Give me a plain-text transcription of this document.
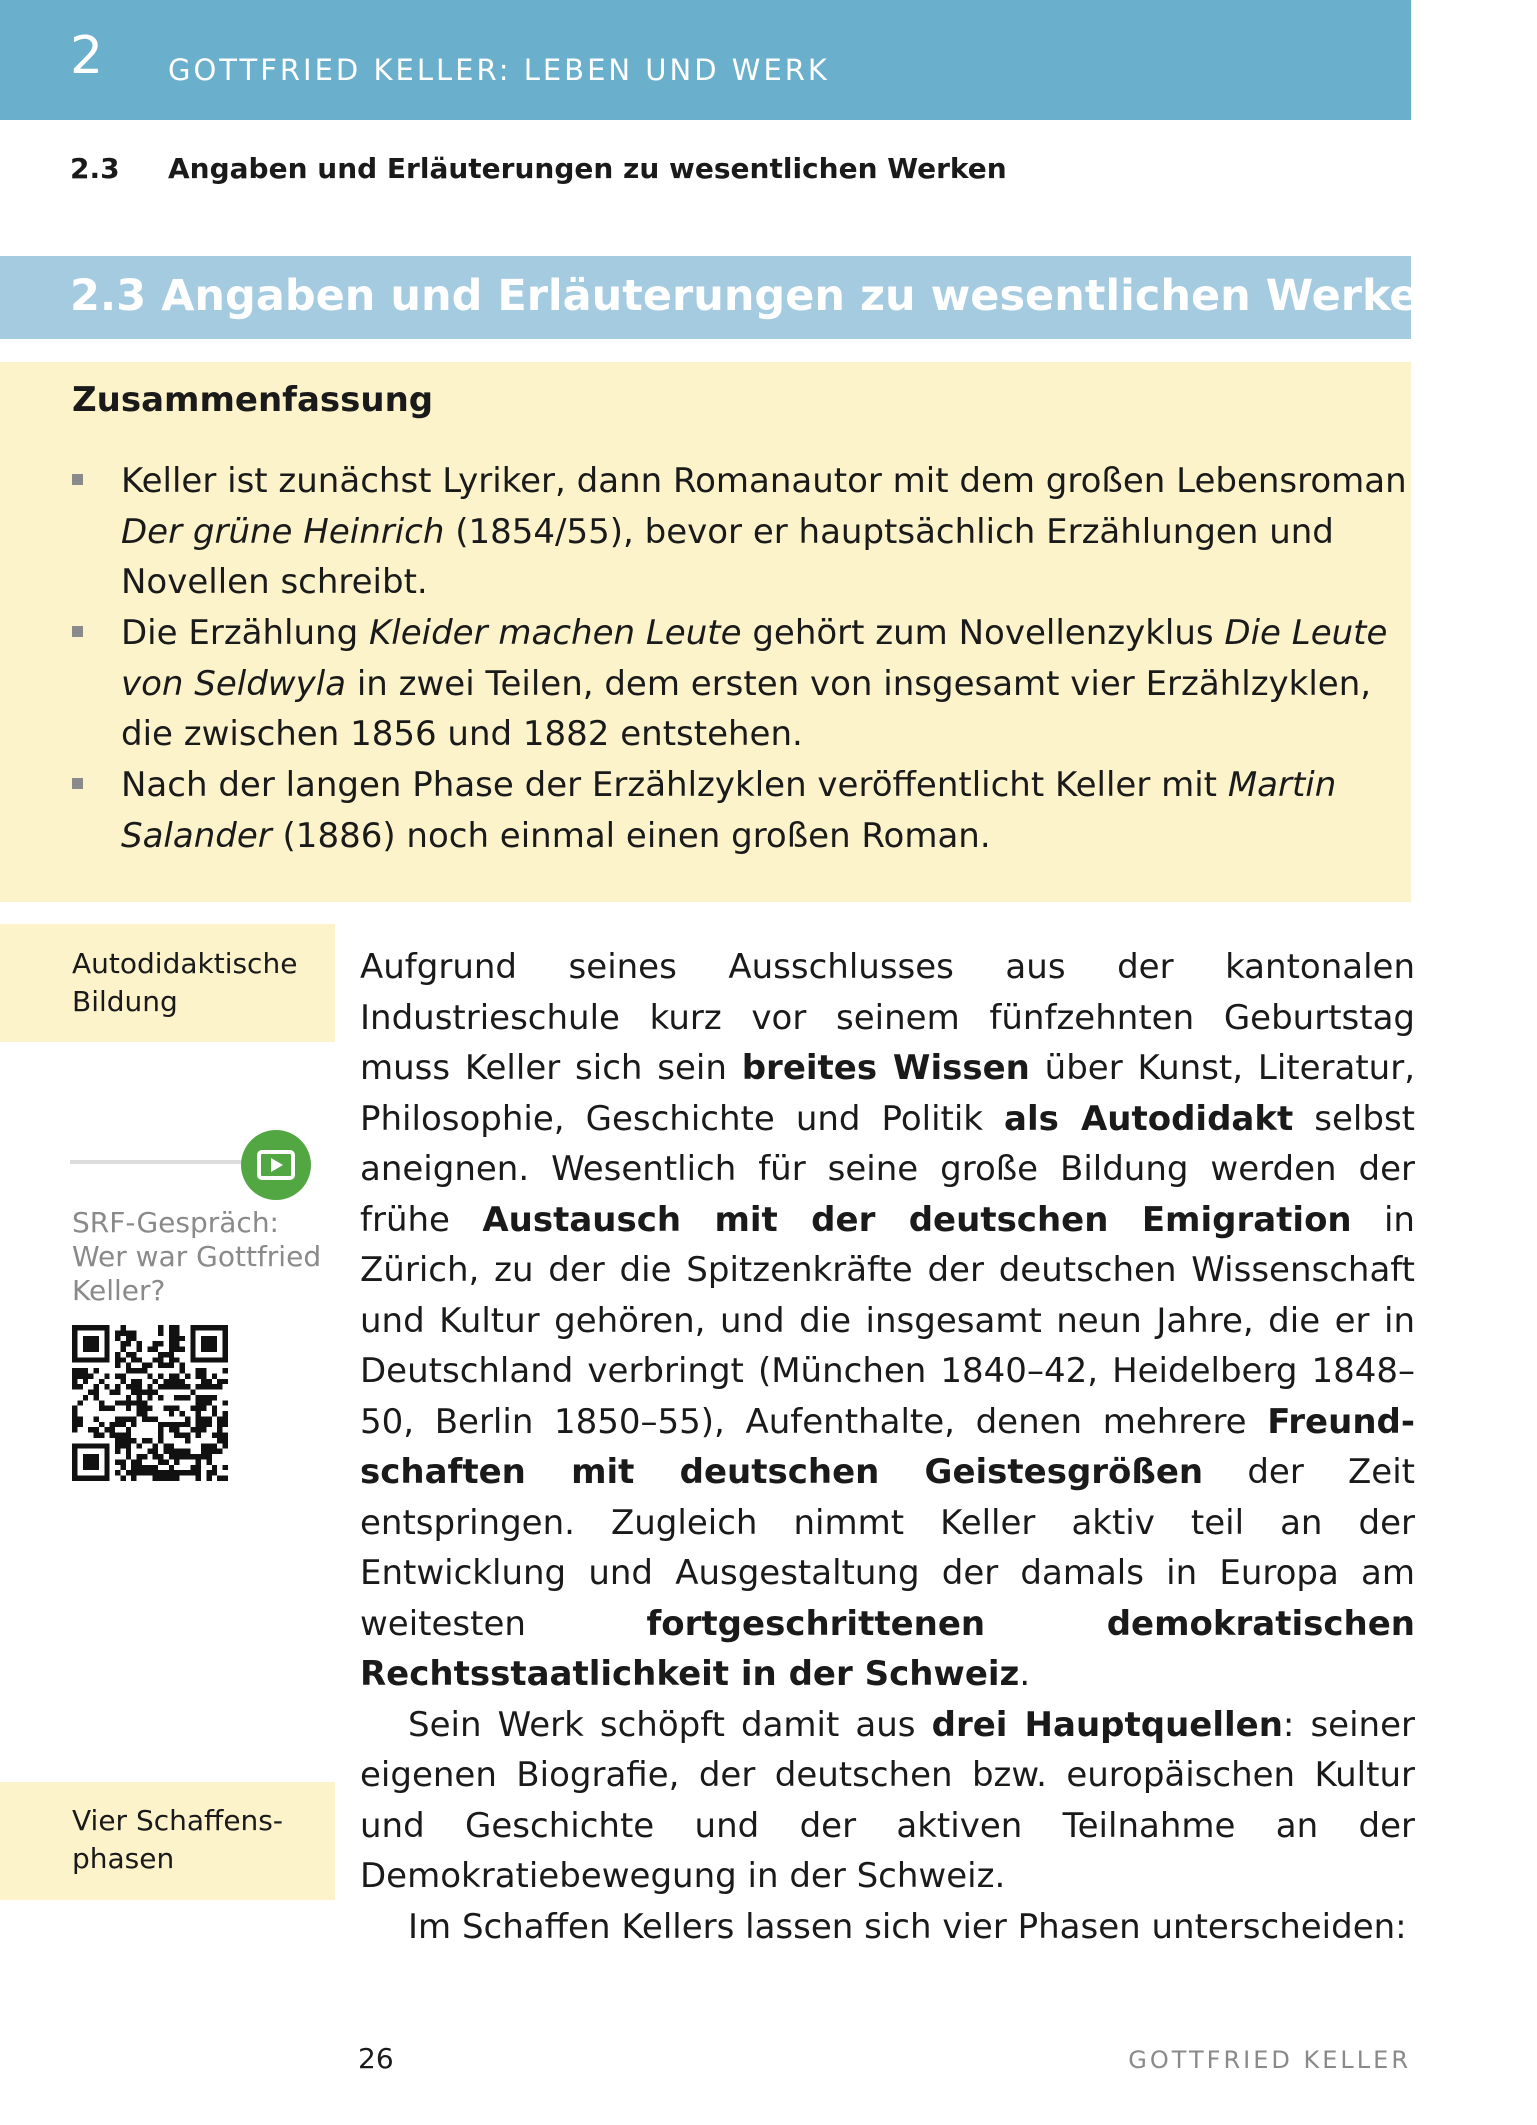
2 GOTTFRIED KELLER: LEBEN UND WERK
2.3 Angaben und Erläuterungen zu wesentlichen Werken
2.3 Angaben und Erläuterungen zu wesentlichen Werken
Zusammenfassung
Keller ist zunächst Lyriker, dann Romanautor mit dem großen Lebensroman Der grüne Heinrich (1854/55), bevor er hauptsächlich Erzählungen und Novellen schreibt.
Die Erzählung Kleider machen Leute gehört zum Novellenzyklus Die Leute von Seldwyla in zwei Teilen, dem ersten von insgesamt vier Erzählzyklen, die zwischen 1856 und 1882 entstehen.
Nach der langen Phase der Erzählzyklen veröffentlicht Keller mit Martin Salander (1886) noch einmal einen großen Roman.
Autodidaktische Bildung
SRF-Gespräch: Wer war Gottfried Keller?
Vier Schaffens-phasen

Aufgrund seines Ausschlusses aus der kantonalen Industrieschule kurz vor seinem fünfzehnten Geburtstag muss Keller sich sein breites Wissen über Kunst, Literatur, Philosophie, Geschichte und Politik als Autodidakt selbst aneignen. Wesentlich für seine große Bildung werden der frühe Austausch mit der deutschen Emigration in Zürich, zu der die Spitzenkräfte der deutschen Wissenschaft und Kultur gehören, und die insgesamt neun Jahre, die er in Deutschland verbringt (München 1840–42, Heidelberg 1848–50, Berlin 1850–55), Aufenthalte, denen mehrere Freundschaften mit deutschen Geistesgrößen der Zeit entspringen. Zugleich nimmt Keller aktiv teil an der Entwicklung und Ausgestaltung der damals in Europa am weitesten fortgeschrittenen demokratischen Rechtsstaatlichkeit in der Schweiz.

Sein Werk schöpft damit aus drei Hauptquellen: seiner eigenen Biografie, der deutschen bzw. europäischen Kultur und Geschichte und der aktiven Teilnahme an der Demokratiebewegung in der Schweiz.

Im Schaffen Kellers lassen sich vier Phasen unterscheiden:

26	GOTTFRIED KELLER
